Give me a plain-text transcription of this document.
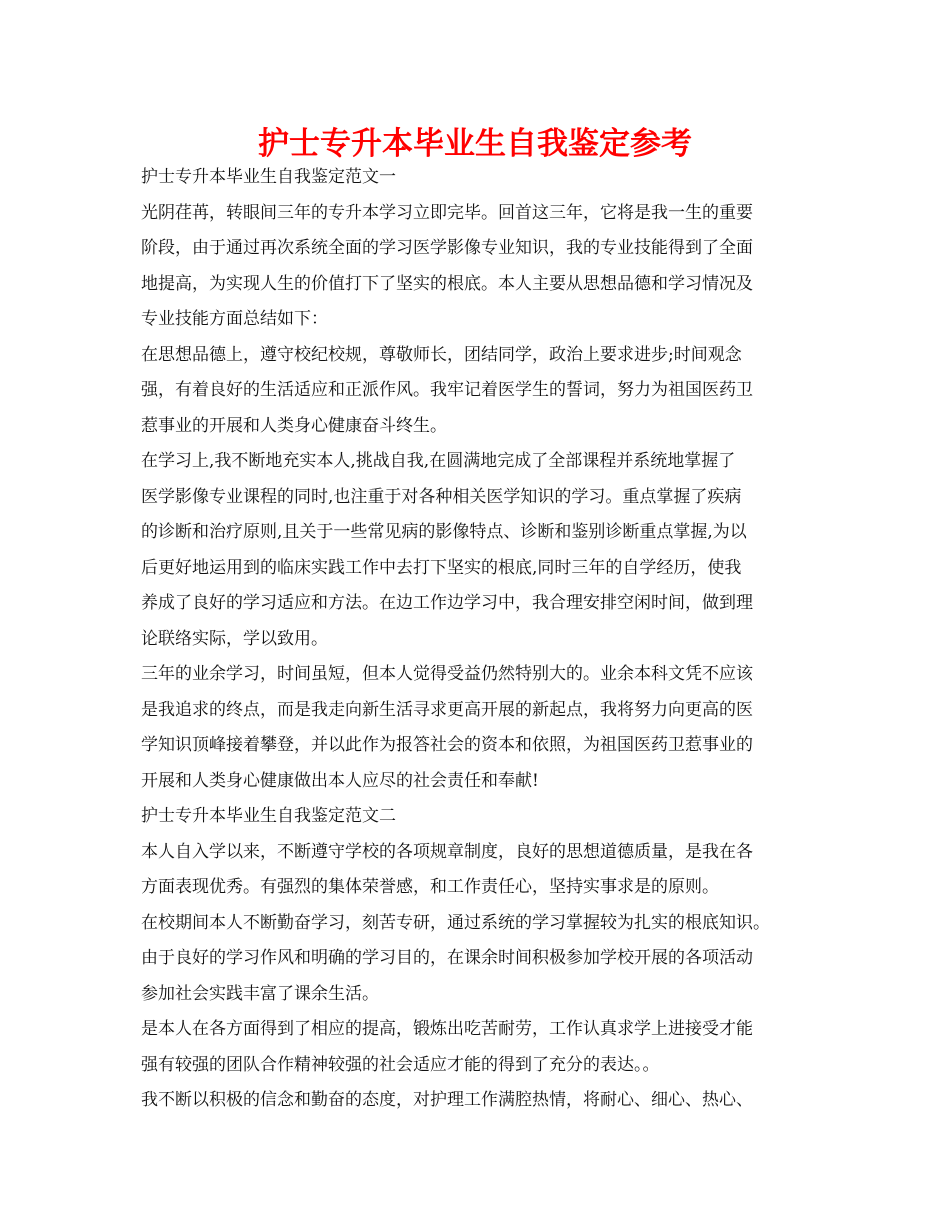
护士专升本毕业生自我鉴定参考
护士专升本毕业生自我鉴定范文一
光阴荏苒，转眼间三年的专升本学习立即完毕。回首这三年，它将是我一生的重要
阶段，由于通过再次系统全面的学习医学影像专业知识，我的专业技能得到了全面
地提高，为实现人生的价值打下了坚实的根底。本人主要从思想品德和学习情况及
专业技能方面总结如下：
在思想品德上，遵守校纪校规，尊敬师长，团结同学，政治上要求进步;时间观念
强，有着良好的生活适应和正派作风。我牢记着医学生的誓词，努力为祖国医药卫
惹事业的开展和人类身心健康奋斗终生。
在学习上,我不断地充实本人,挑战自我,在圆满地完成了全部课程并系统地掌握了
医学影像专业课程的同时,也注重于对各种相关医学知识的学习。重点掌握了疾病
的诊断和治疗原则,且关于一些常见病的影像特点、诊断和鉴别诊断重点掌握,为以
后更好地运用到的临床实践工作中去打下坚实的根底,同时三年的自学经历，使我
养成了良好的学习适应和方法。在边工作边学习中，我合理安排空闲时间，做到理
论联络实际，学以致用。
三年的业余学习，时间虽短，但本人觉得受益仍然特别大的。业余本科文凭不应该
是我追求的终点，而是我走向新生活寻求更高开展的新起点，我将努力向更高的医
学知识顶峰接着攀登，并以此作为报答社会的资本和依照，为祖国医药卫惹事业的
开展和人类身心健康做出本人应尽的社会责任和奉献!
护士专升本毕业生自我鉴定范文二
本人自入学以来，不断遵守学校的各项规章制度，良好的思想道德质量，是我在各
方面表现优秀。有强烈的集体荣誉感，和工作责任心，坚持实事求是的原则。
在校期间本人不断勤奋学习，刻苦专研，通过系统的学习掌握较为扎实的根底知识。
由于良好的学习作风和明确的学习目的，在课余时间积极参加学校开展的各项活动
参加社会实践丰富了课余生活。
是本人在各方面得到了相应的提高，锻炼出吃苦耐劳，工作认真求学上进接受才能
强有较强的团队合作精神较强的社会适应才能的得到了充分的表达。。
我不断以积极的信念和勤奋的态度，对护理工作满腔热情，将耐心、细心、热心、
